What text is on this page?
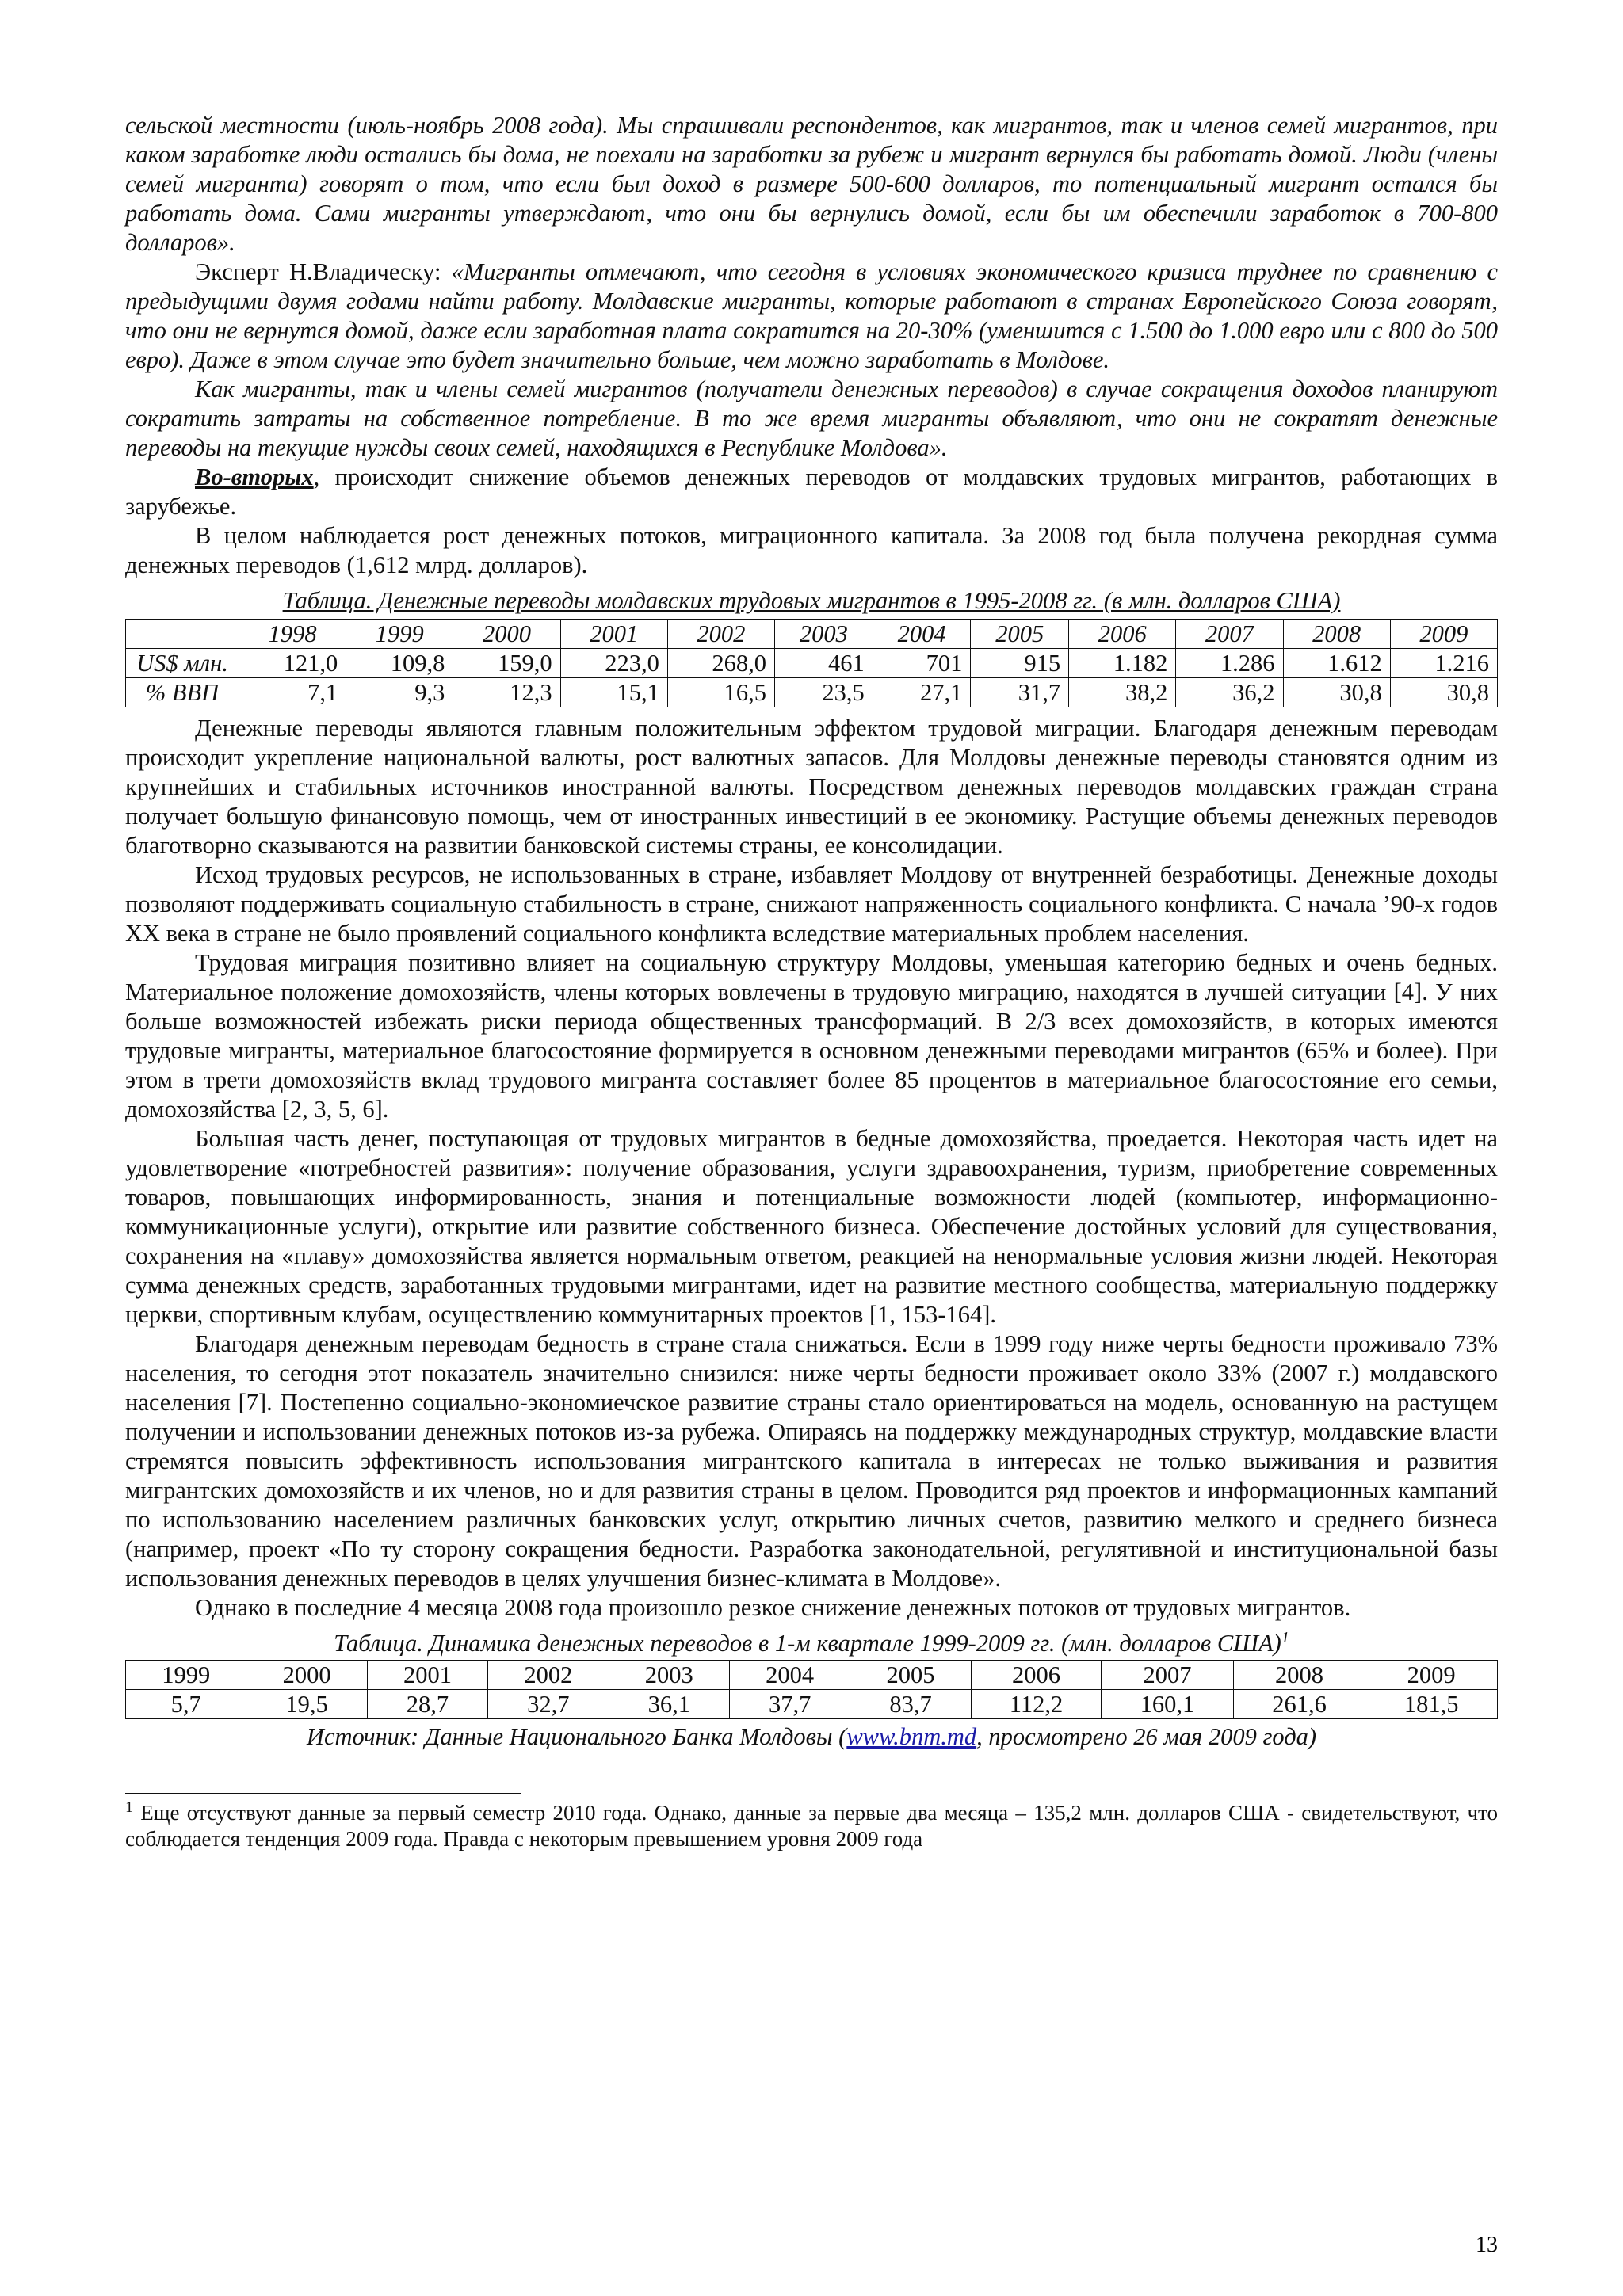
сельской местности (июль-ноябрь 2008 года). Мы спрашивали респондентов, как мигрантов, так и членов семей мигрантов, при каком заработке люди остались бы дома, не поехали на заработки за рубеж и мигрант вернулся бы работать домой. Люди (члены семей мигранта) говорят о том, что если был доход в размере 500-600 долларов, то потенциальный мигрант остался бы работать дома. Сами мигранты утверждают, что они бы вернулись домой, если бы им обеспечили заработок в 700-800 долларов».

Эксперт Н.Владическу: «Мигранты отмечают, что сегодня в условиях экономического кризиса труднее по сравнению с предыдущими двумя годами найти работу. Молдавские мигранты, которые работают в странах Европейского Союза говорят, что они не вернутся домой, даже если заработная плата сократится на 20-30% (уменшится с 1.500 до 1.000 евро или с 800 до 500 евро). Даже в этом случае это будет значительно больше, чем можно заработать в Молдове.

Как мигранты, так и члены семей мигрантов (получатели денежных переводов) в случае сокращения доходов планируют сократить затраты на собственное потребление. В то же время мигранты объявляют, что они не сократят денежные переводы на текущие нужды своих семей, находящихся в Республике Молдова».

Во-вторых, происходит снижение объемов денежных переводов от молдавских трудовых мигрантов, работающих в зарубежье.

В целом наблюдается рост денежных потоков, миграционного капитала. За 2008 год была получена рекордная сумма денежных переводов (1,612 млрд. долларов).

Таблица. Денежные переводы молдавских трудовых мигрантов в 1995-2008 гг. (в млн. долларов США)
	1998	1999	2000	2001	2002	2003	2004	2005	2006	2007	2008	2009
US$ млн.	121,0	109,8	159,0	223,0	268,0	461	701	915	1.182	1.286	1.612	1.216
% ВВП	7,1	9,3	12,3	15,1	16,5	23,5	27,1	31,7	38,2	36,2	30,8	30,8

Денежные переводы являются главным положительным эффектом трудовой миграции. Благодаря денежным переводам происходит укрепление национальной валюты, рост валютных запасов. Для Молдовы денежные переводы становятся одним из крупнейших и стабильных источников иностранной валюты. Посредством денежных переводов молдавских граждан страна получает большую финансовую помощь, чем от иностранных инвестиций в ее экономику. Растущие объемы денежных переводов благотворно сказываются на развитии банковской системы страны, ее консолидации.

Исход трудовых ресурсов, не использованных в стране, избавляет Молдову от внутренней безработицы. Денежные доходы позволяют поддерживать социальную стабильность в стране, снижают напряженность социального конфликта. С начала ’90-х годов XX века в стране не было проявлений социального конфликта вследствие материальных проблем населения.

Трудовая миграция позитивно влияет на социальную структуру Молдовы, уменьшая категорию бедных и очень бедных. Материальное положение домохозяйств, члены которых вовлечены в трудовую миграцию, находятся в лучшей ситуации [4]. У них больше возможностей избежать риски периода общественных трансформаций. В 2/3 всех домохозяйств, в которых имеются трудовые мигранты, материальное благосостояние формируется в основном денежными переводами мигрантов (65% и более). При этом в трети домохозяйств вклад трудового мигранта составляет более 85 процентов в материальное благосостояние его семьи, домохозяйства [2, 3, 5, 6].

Большая часть денег, поступающая от трудовых мигрантов в бедные домохозяйства, проедается. Некоторая часть идет на удовлетворение «потребностей развития»: получение образования, услуги здравоохранения, туризм, приобретение современных товаров, повышающих информированность, знания и потенциальные возможности людей (компьютер, информационно-коммуникационные услуги), открытие или развитие собственного бизнеса. Обеспечение достойных условий для существования, сохранения на «плаву» домохозяйства является нормальным ответом, реакцией на ненормальные условия жизни людей. Некоторая сумма денежных средств, заработанных трудовыми мигрантами, идет на развитие местного сообщества, материальную поддержку церкви, спортивным клубам, осуществлению коммунитарных проектов [1, 153-164].

Благодаря денежным переводам бедность в стране стала снижаться. Если в 1999 году ниже черты бедности проживало 73% населения, то сегодня этот показатель значительно снизился: ниже черты бедности проживает около 33% (2007 г.) молдавского населения [7]. Постепенно социально-экономиечское развитие страны стало ориентироваться на модель, основанную на растущем получении и использовании денежных потоков из-за рубежа. Опираясь на поддержку международных структур, молдавские власти стремятся повысить эффективность использования мигрантского капитала в интересах не только выживания и развития мигрантских домохозяйств и их членов, но и для развития страны в целом. Проводится ряд проектов и информационных кампаний по использованию населением различных банковских услуг, открытию личных счетов, развитию мелкого и среднего бизнеса (например, проект «По ту сторону сокращения бедности. Разработка законодательной, регулятивной и институциональной базы использования денежных переводов в целях улучшения бизнес-климата в Молдове».

Однако в последние 4 месяца 2008 года произошло резкое снижение денежных потоков от трудовых мигрантов.

Таблица. Динамика денежных переводов в 1-м квартале 1999-2009 гг. (млн. долларов США)$^1$
1999	2000	2001	2002	2003	2004	2005	2006	2007	2008	2009
5,7	19,5	28,7	32,7	36,1	37,7	83,7	112,2	160,1	261,6	181,5
Источник: Данные Национального Банка Молдовы (www.bnm.md, просмотрено 26 мая 2009 года)
$^1$ Еще отсуствуют данные за первый семестр 2010 года. Однако, данные за первые два месяца – 135,2 млн. долларов США - свидетельствуют, что соблюдается тенденция 2009 года. Правда с некоторым превышением уровня 2009 года
13
